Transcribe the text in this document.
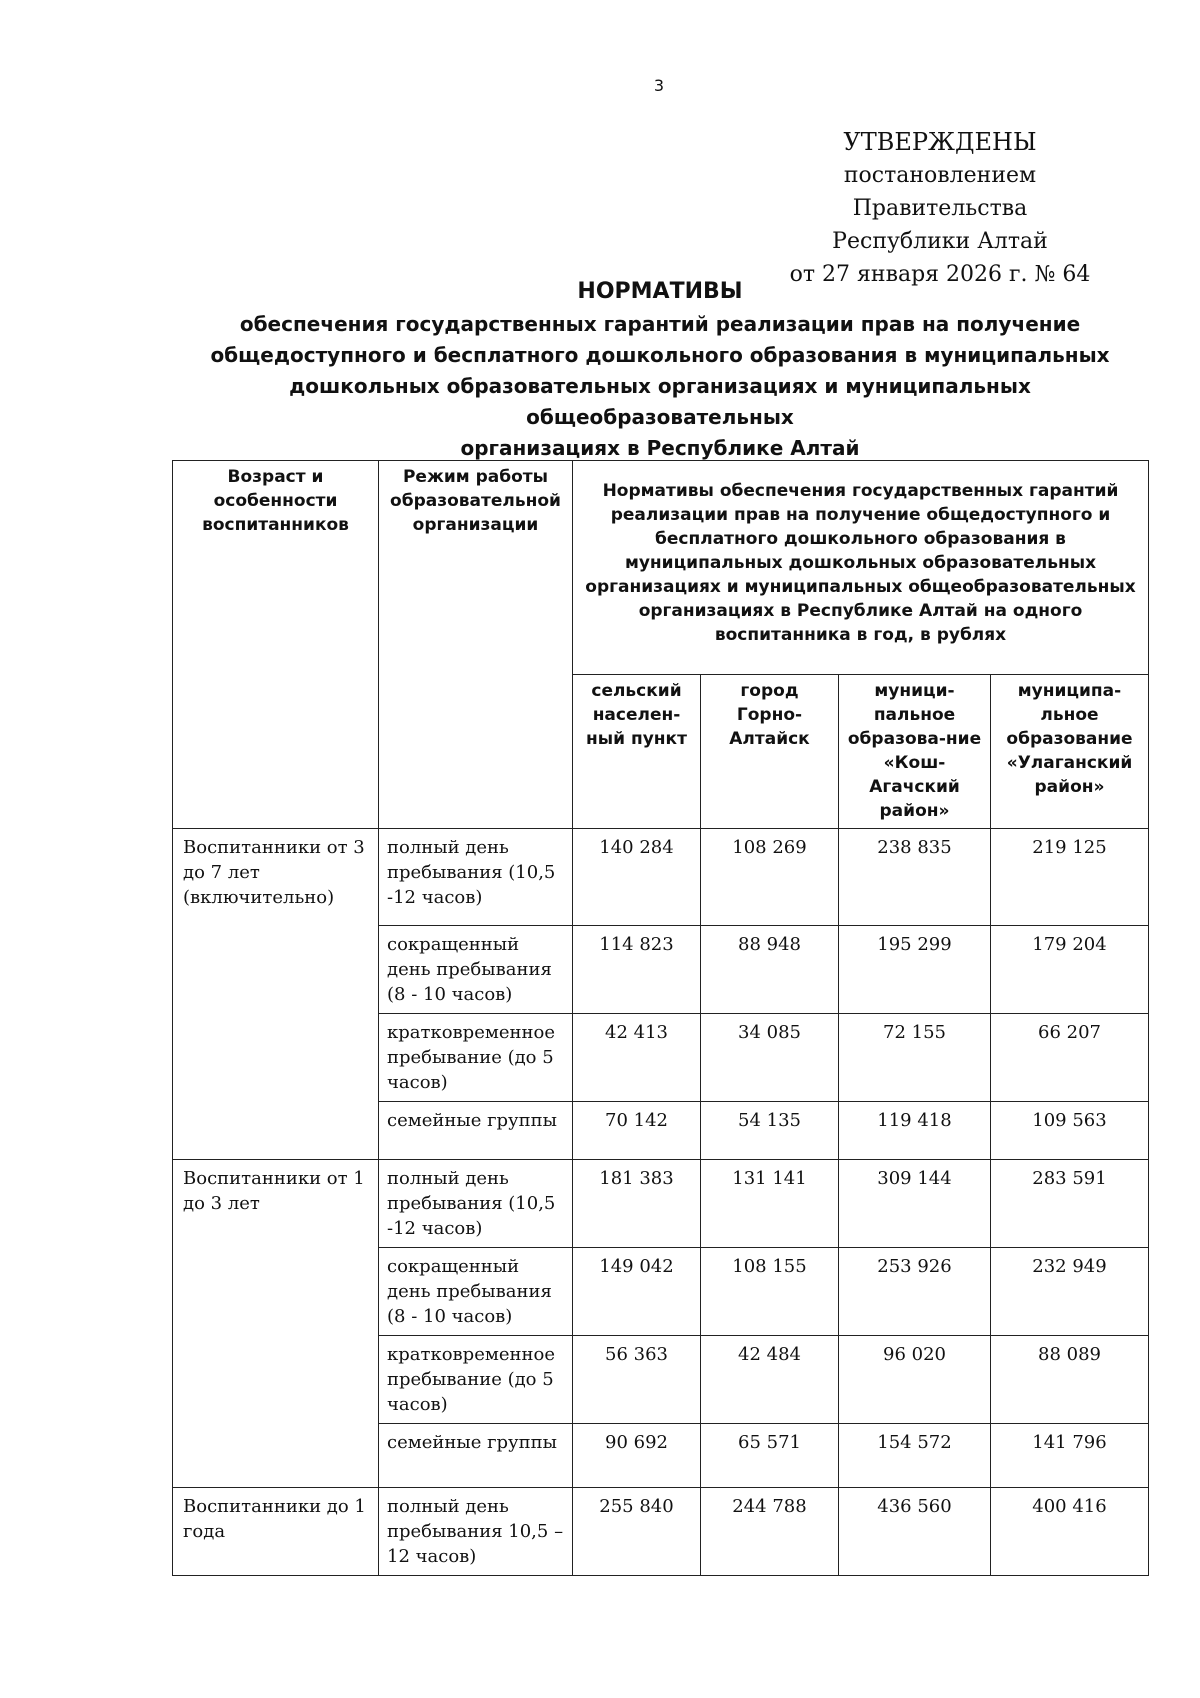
3
УТВЕРЖДЕНЫ
постановлением Правительства
Республики Алтай
от 27 января 2026 г. № 64
НОРМАТИВЫ
обеспечения государственных гарантий реализации прав на получение
общедоступного и бесплатного дошкольного образования в муниципальных
дошкольных образовательных организациях и муниципальных общеобразовательных
организациях в Республике Алтай
Возраст и особенности воспитанников	Режим работы образовательной организации	Нормативы обеспечения государственных гарантий реализации прав на получение общедоступного и бесплатного дошкольного образования в муниципальных дошкольных образовательных организациях и муниципальных общеобразовательных организациях в Республике Алтай на одного воспитанника в год, в рублях			
		сельский населен-ный пункт	город Горно-Алтайск	муници-пальное образова-ние «Кош-Агачский район»	муниципа-льное образование «Улаганский район»
Воспитанники от 3 до 7 лет (включительно)	полный день пребывания (10,5 -12 часов)	140 284	108 269	238 835	219 125
	сокращенный день пребывания (8 - 10 часов)	114 823	88 948	195 299	179 204
	кратковременное пребывание (до 5 часов)	42 413	34 085	72 155	66 207
	семейные группы	70 142	54 135	119 418	109 563
Воспитанники от 1 до 3 лет	полный день пребывания (10,5 -12 часов)	181 383	131 141	309 144	283 591
	сокращенный день пребывания (8 - 10 часов)	149 042	108 155	253 926	232 949
	кратковременное пребывание (до 5 часов)	56 363	42 484	96 020	88 089
	семейные группы	90 692	65 571	154 572	141 796
Воспитанники до 1 года	полный день пребывания 10,5 – 12 часов)	255 840	244 788	436 560	400 416
